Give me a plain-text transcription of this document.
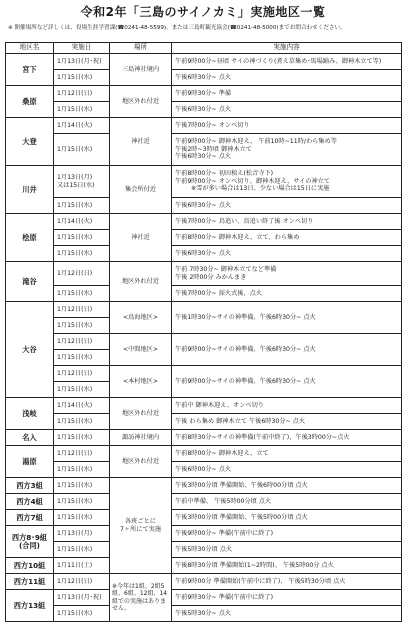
令和2年「三島のサイノカミ」実施地区一覧
※ 開催場所など詳しくは、役場生涯学習課(☎0241-48-5599)、または三島町観光協会(☎0241-48-5000)までお問合わせください。
地区名	実施日	場所	実施内容
宮下	1月13日(月･祝)	三島神社境内	午前9時00分~昼頃 サイの神づくり(煮え草集め･馬場踊み、御神木立て等)

	1月15日(水)		午後6時30分~ 点火

桑原	1月12日(日)	地区外れ付近	午前9時30分~ 準備

	1月15日(水)		午後6時30分~ 点火

大登	1月14日(火)	神社近	午後7時00分~ オンベ切り

	1月15日(水)		午前9時00分~ 御神木迎え、 午前10時~11時/わら集め等
午後2時~3時頃 御神木立て
午後6時30分~ 点火

川井	1月13日(月)
又は15日(水)	集会所付近	午前8時00分~ 初田植え(松音寺下)
午前9時00分~ オンベ切り、御神木迎え、サイの神立て
※雪が多い場合は13日、少ない場合は15日に実施

	1月15日(水)		午後6時30分~ 点火

桧原	1月14日(火)	神社近	午後7時00分~ 鳥追い、鳥追い終了後 オンベ切り

	1月15日(水)		午前8時00分~ 御神木迎え、立て、わら集め

	1月15日(水)		午後6時30分~ 点火

滝谷	1月12日(日)	地区外れ付近	午前 7時30分~ 御神木立てなど準備
午後 2時00分 みかんまき

	1月15日(水)		午後7時00分~ 採火式後、点火

大谷	1月12日(日)	<鳥海地区>	午後1時30分~サイの神準備、午後6時30分~ 点火

	1月15日(水)		
	1月12日(日)	<中間地区>	午前9時00分~サイの神準備、午後6時30分~ 点火

	1月15日(水)		
	1月12日(日)	<本村地区>	午前9時00分~サイの神準備、午後6時30分~ 点火

	1月15日(水)		
浅岐	1月14日(火)	地区外れ付近	午前中 御神木迎え、オンベ切り

	1月15日(水)		午後 わら集め 御神木立て 午後6時30分~ 点火

名入	1月15日(水)	諏訪神社境内	午前8時30分~サイの神準備(午前中終了)、午後3時00分~点火

湯原	1月12日(日)	地区外れ付近	午前8時00分~ 御神木迎え、立て

	1月15日(水)		午後6時00分~ 点火

西方3組	1月15日(水)	各班ごとに
7ヶ所にて実施	午後3時00分頃 準備開始、午後6時00分頃 点火

西方4組	1月15日(水)		午前中準備、 午後5時00分頃 点火

西方7組	1月15日(水)		午後3時00分頃 準備開始、午後5時00分頃 点火

西方8･9組
(合同)	1月13日(月)		午後9時00分~ 準備(午前中に終了)

	1月15日(水)		午後5時30分頃 点火

西方10組	1月11日(土)		午後8時30分頃 準備開始(1~2時間)、 午後5時00分 点火

西方11組	1月12日(日)	※今年は1組、2組5組、6組、12組、14組での実施はありません。	午前9時00分 準備開始(午前中に終了)、 午後5時30分頃 点火

西方13組	1月13日(月･祝)		午前9時30分~ 準備(午前中に終了)

	1月15日(水)		午後5時30分~ 点火
